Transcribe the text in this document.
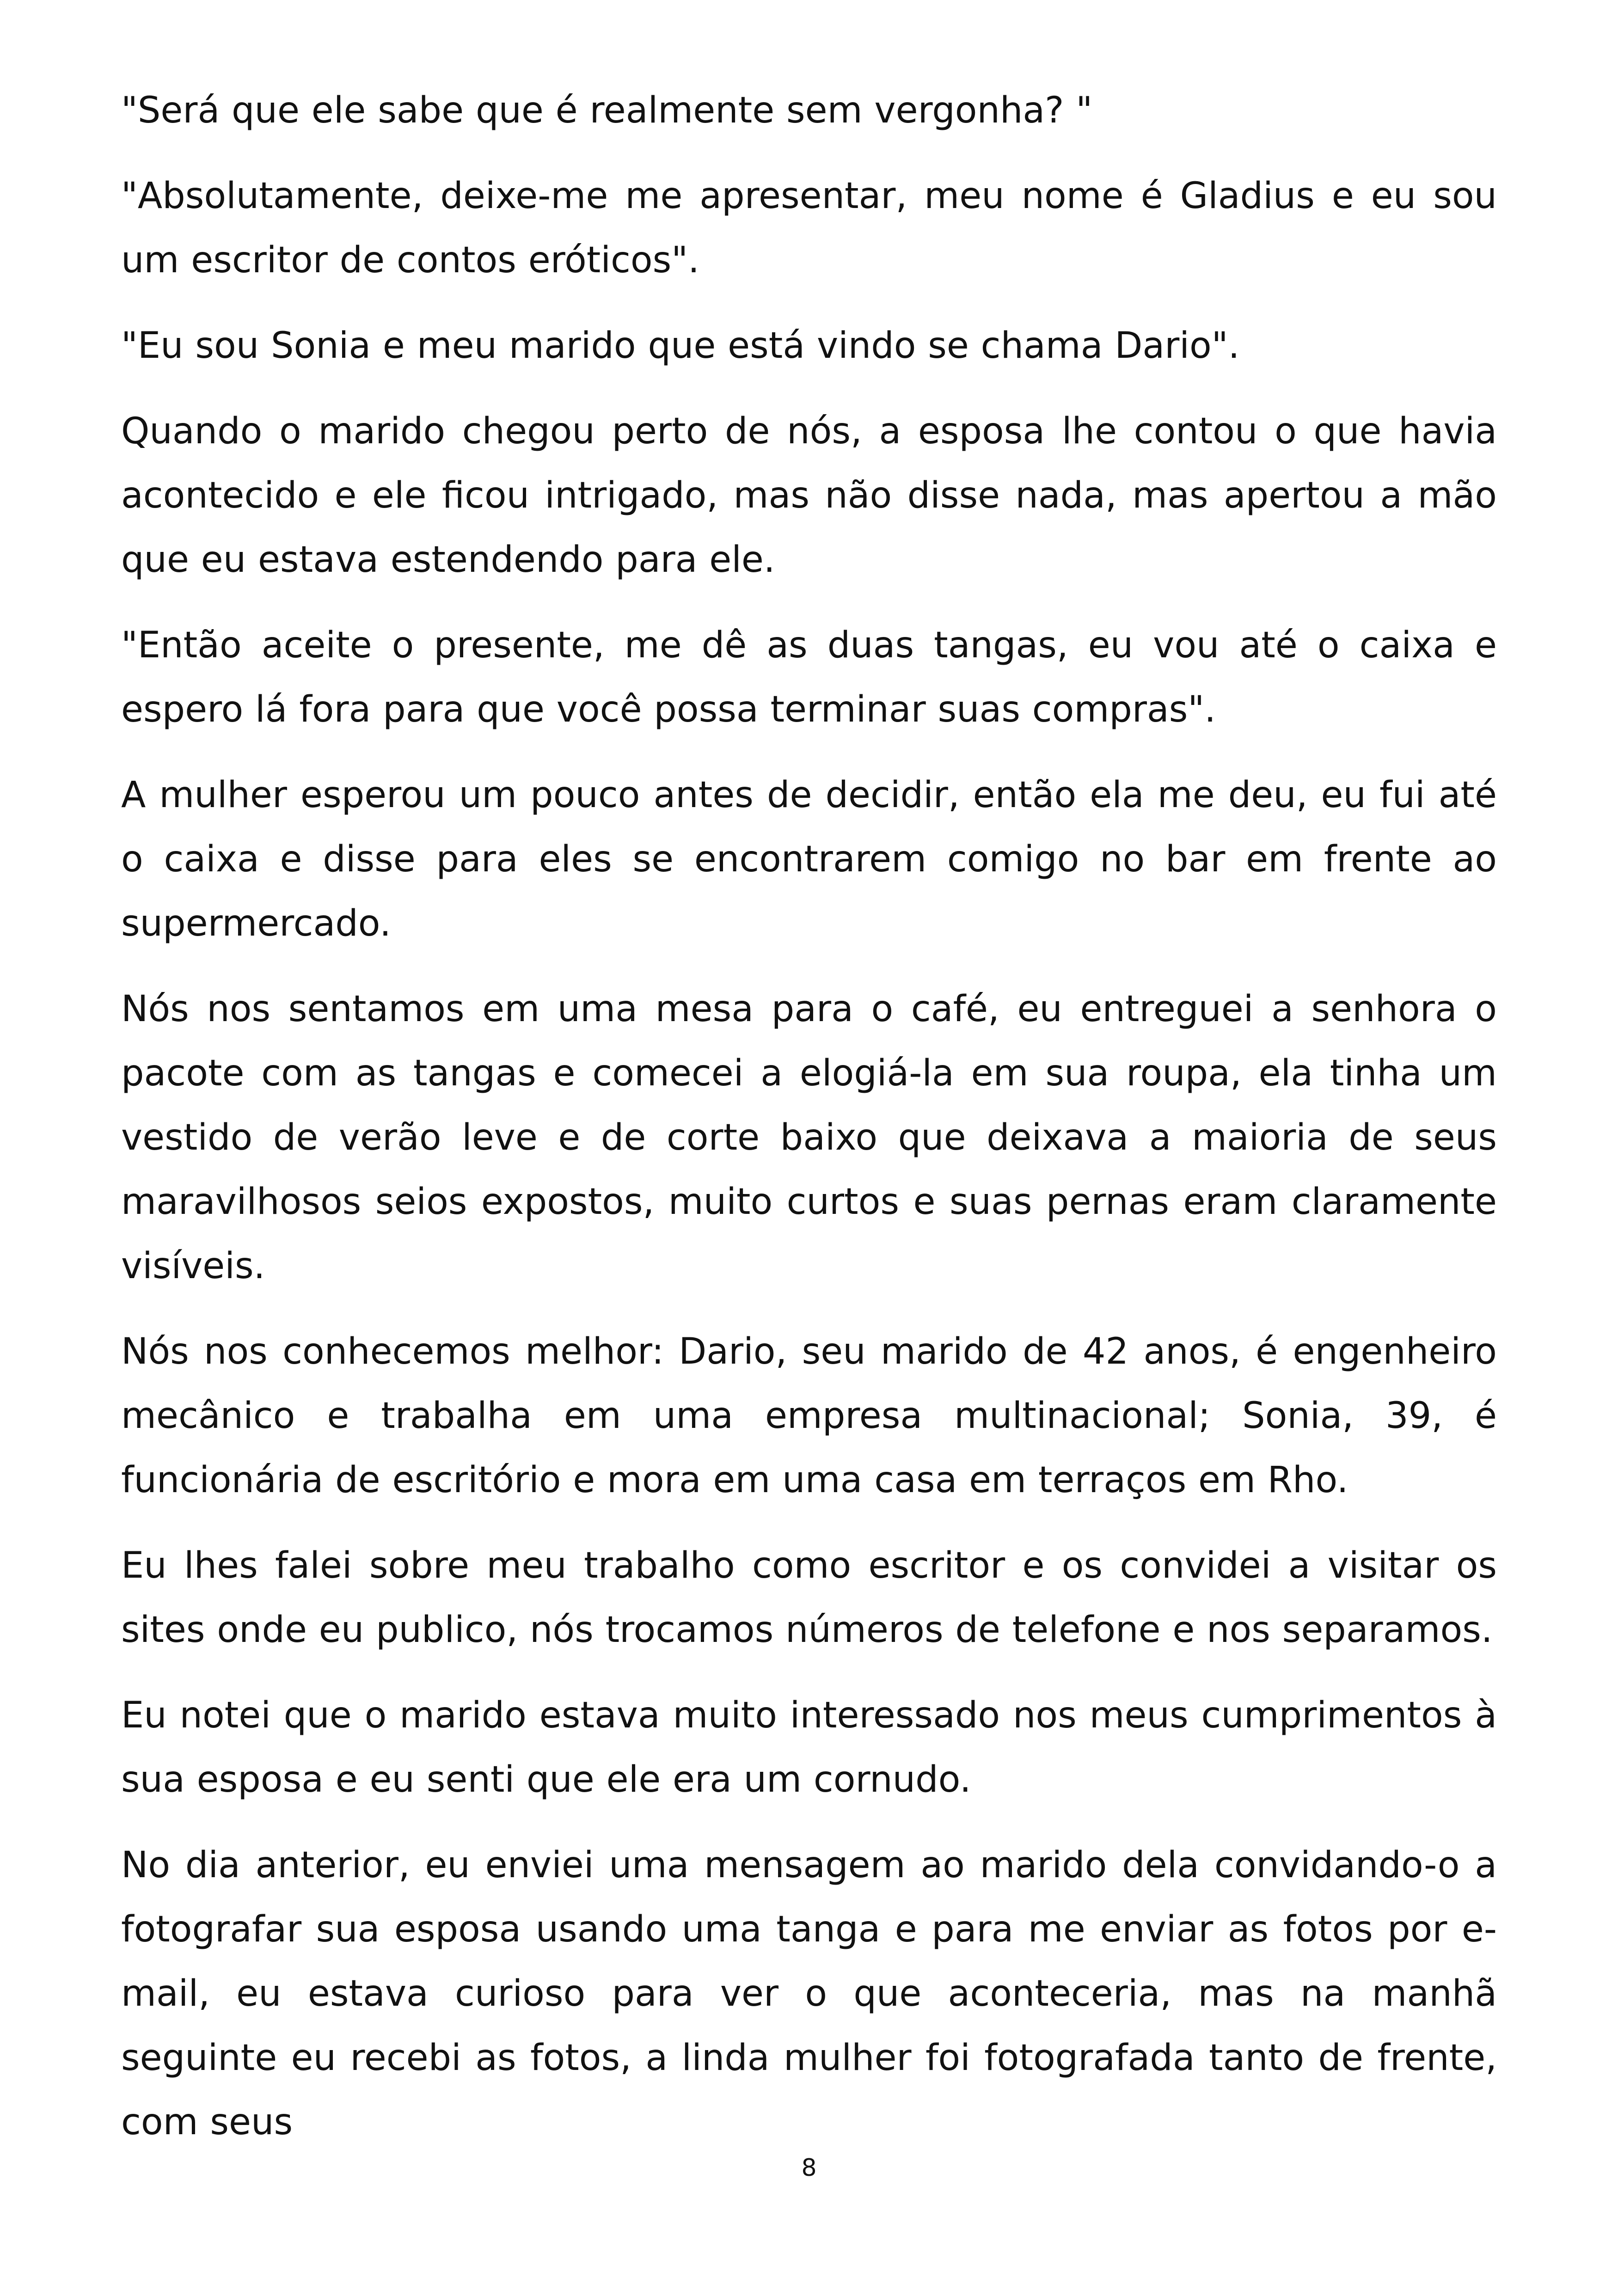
"Será que ele sabe que é realmente sem vergonha? "

"Absolutamente, deixe-me me apresentar, meu nome é Gladius e eu sou um escritor de contos eróticos".

"Eu sou Sonia e meu marido que está vindo se chama Dario".

Quando o marido chegou perto de nós, a esposa lhe contou o que havia acontecido e ele ficou intrigado, mas não disse nada, mas apertou a mão que eu estava estendendo para ele.

"Então aceite o presente, me dê as duas tangas, eu vou até o caixa e espero lá fora para que você possa terminar suas compras".

A mulher esperou um pouco antes de decidir, então ela me deu, eu fui até o caixa e disse para eles se encontrarem comigo no bar em frente ao supermercado.

Nós nos sentamos em uma mesa para o café, eu entreguei a senhora o pacote com as tangas e comecei a elogiá-la em sua roupa, ela tinha um vestido de verão leve e de corte baixo que deixava a maioria de seus maravilhosos seios expostos, muito curtos e suas pernas eram claramente visíveis.

Nós nos conhecemos melhor: Dario, seu marido de 42 anos, é engenheiro mecânico e trabalha em uma empresa multinacional; Sonia, 39, é funcionária de escritório e mora em uma casa em terraços em Rho.

Eu lhes falei sobre meu trabalho como escritor e os convidei a visitar os sites onde eu publico, nós trocamos números de telefone e nos separamos.

Eu notei que o marido estava muito interessado nos meus cumprimentos à sua esposa e eu senti que ele era um cornudo.

No dia anterior, eu enviei uma mensagem ao marido dela convidando-o a fotografar sua esposa usando uma tanga e para me enviar as fotos por e-mail, eu estava curioso para ver o que aconteceria, mas na manhã seguinte eu recebi as fotos, a linda mulher foi fotografada tanto de frente, com seus

8
